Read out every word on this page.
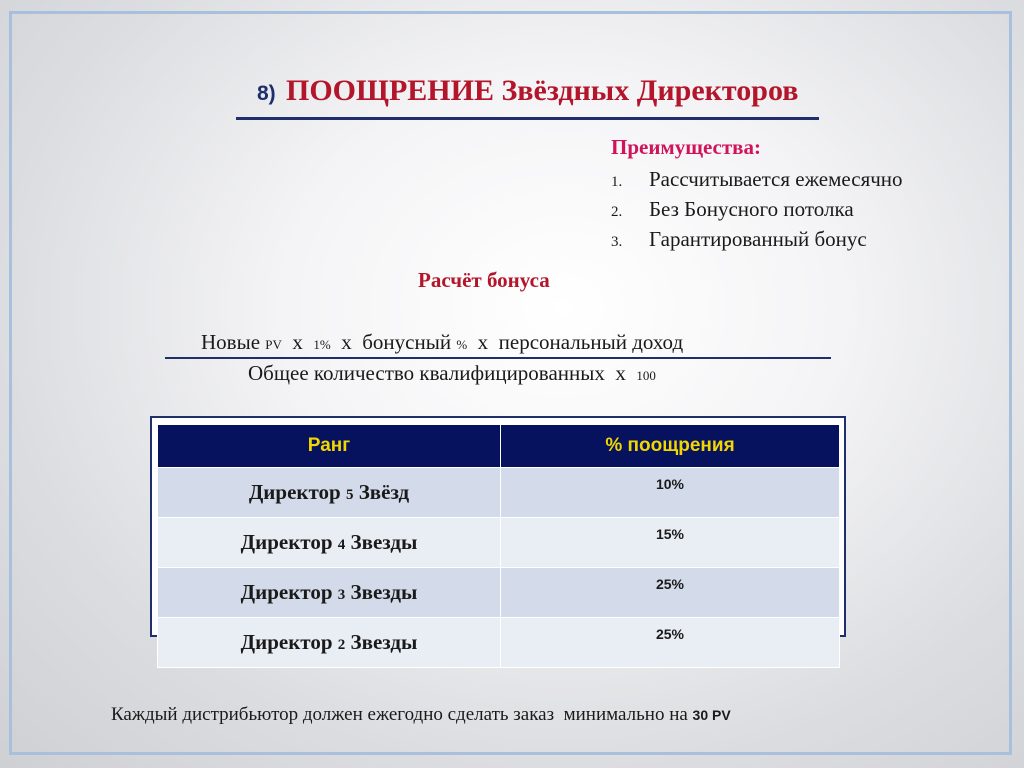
8) ПООЩРЕНИЕ Звёздных Директоров
Преимущества:
1. Рассчитывается ежемесячно
2. Без Бонусного потолка
3. Гарантированный бонус
Расчёт бонуса
Новые PV  x  1%  x  бонусный %  x  персональный доход
Общее количество квалифицированных  x  100
Ранг	% поощрения
Директор 5 Звёзд	10%
Директор 4 Звезды	15%
Директор 3 Звезды	25%
Директор 2 Звезды	25%
Каждый дистрибьютор должен ежегодно сделать заказ  минимально на 30 PV
